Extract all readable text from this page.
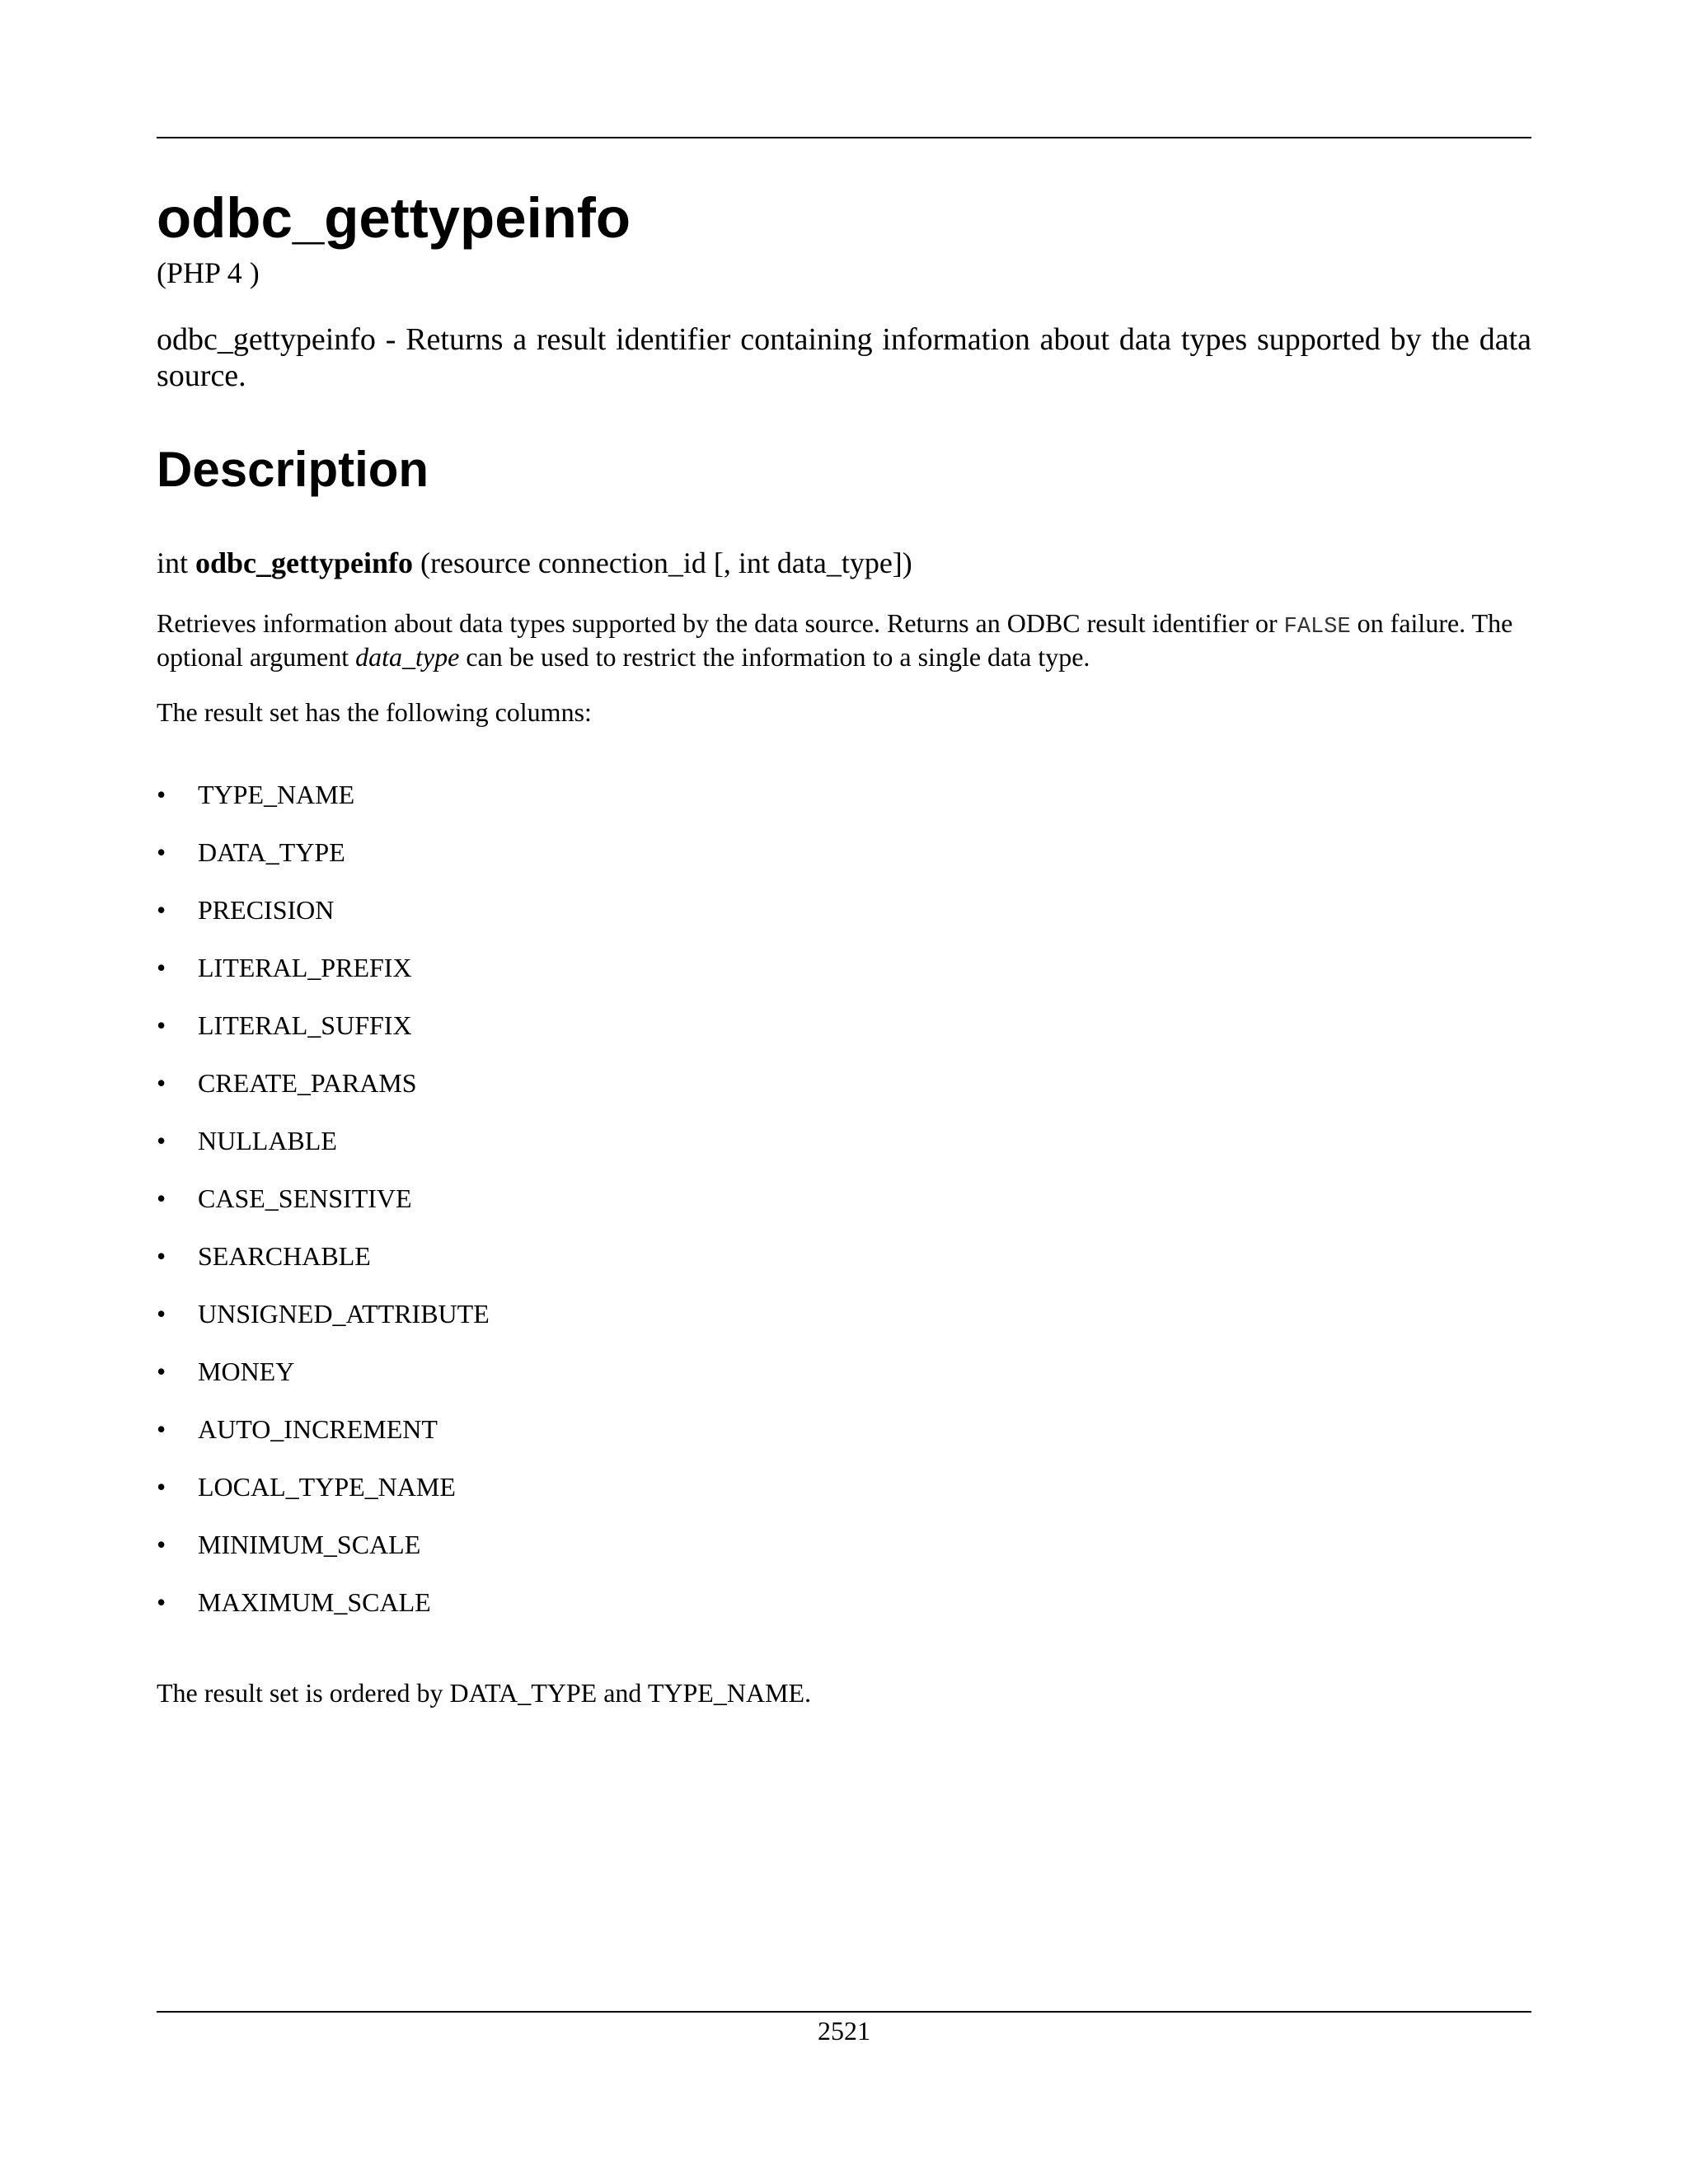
odbc_gettypeinfo
(PHP 4 )

odbc_gettypeinfo - Returns a result identifier containing information about data types supported by the data source.

Description

int odbc_gettypeinfo (resource connection_id [, int data_type])

Retrieves information about data types supported by the data source. Returns an ODBC result identifier or FALSE on failure. The optional argument data_type can be used to restrict the information to a single data type.

The result set has the following columns:

• TYPE_NAME
• DATA_TYPE
• PRECISION
• LITERAL_PREFIX
• LITERAL_SUFFIX
• CREATE_PARAMS
• NULLABLE
• CASE_SENSITIVE
• SEARCHABLE
• UNSIGNED_ATTRIBUTE
• MONEY
• AUTO_INCREMENT
• LOCAL_TYPE_NAME
• MINIMUM_SCALE
• MAXIMUM_SCALE

The result set is ordered by DATA_TYPE and TYPE_NAME.

2521
